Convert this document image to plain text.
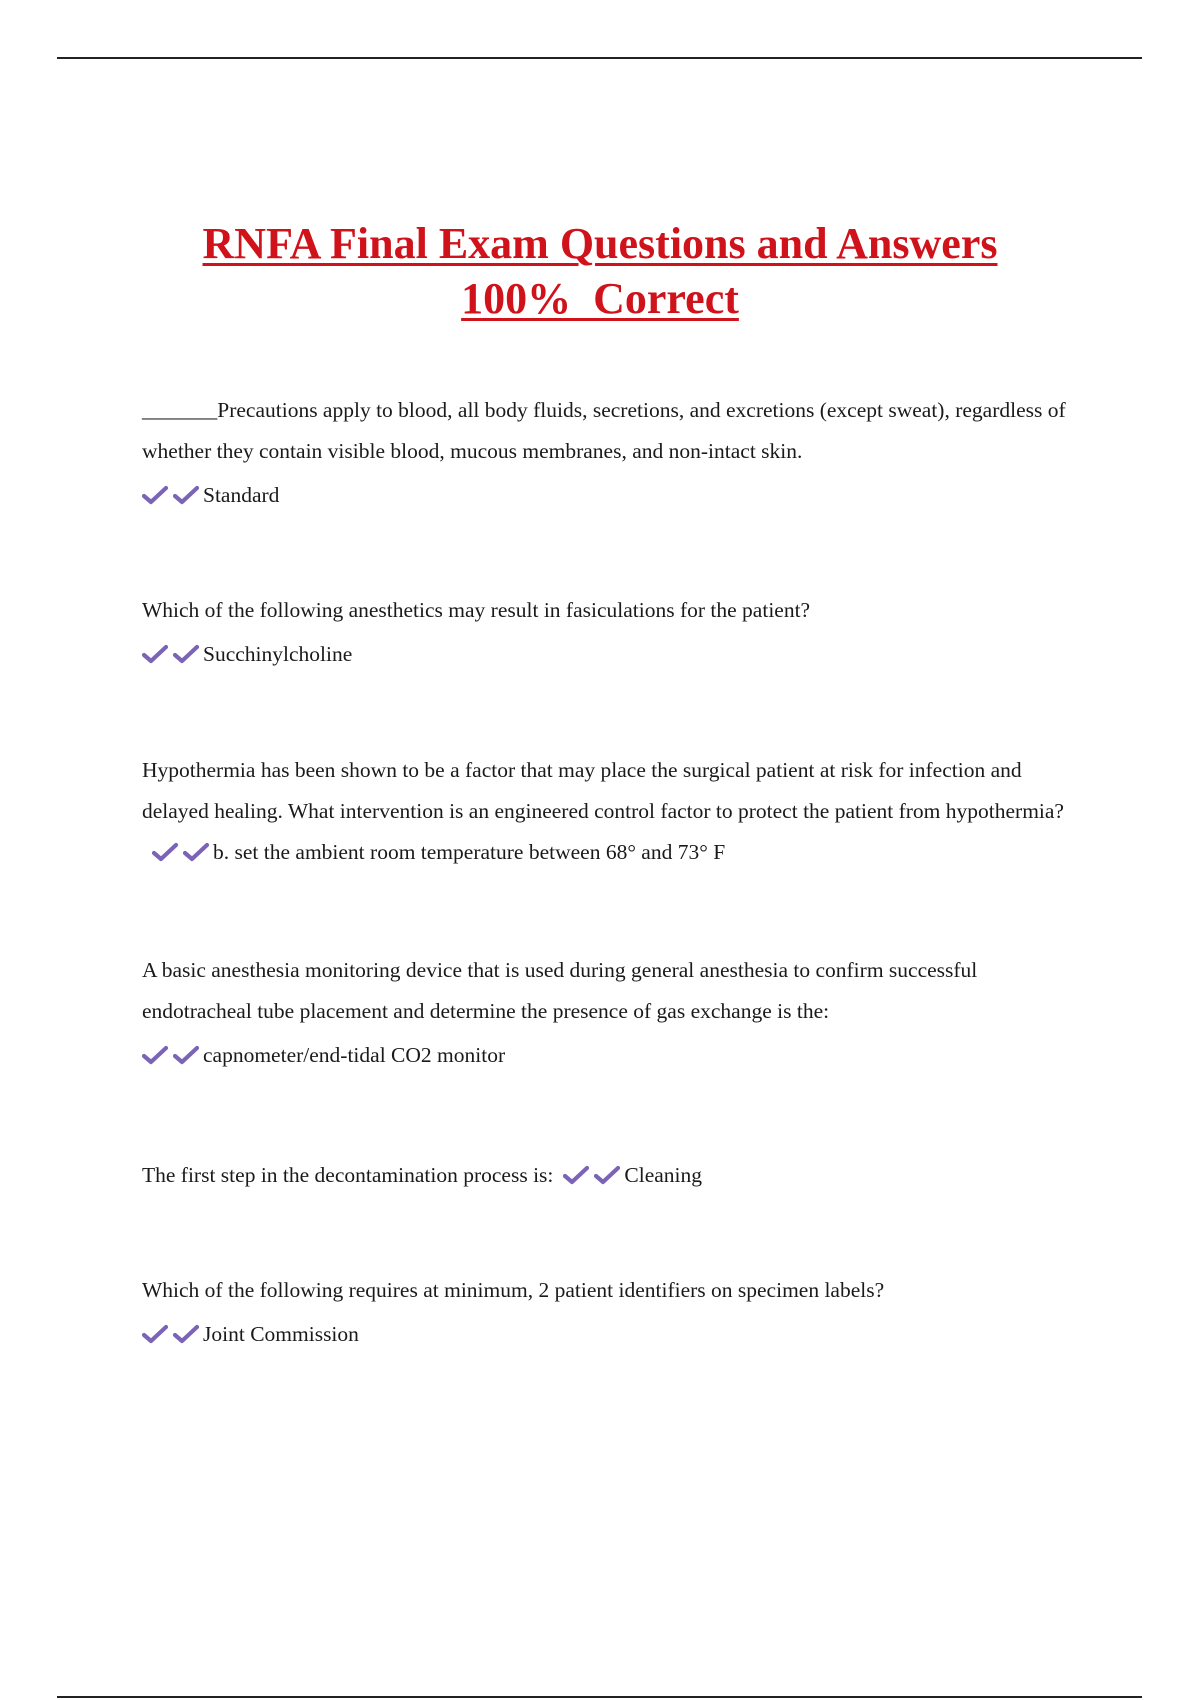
RNFA Final Exam Questions and Answers
100%  Correct
_______Precautions apply to blood, all body fluids, secretions, and excretions (except sweat), regardless of whether they contain visible blood, mucous membranes, and non-intact skin.
Standard
Which of the following anesthetics may result in fasiculations for the patient?
Succhinylcholine
Hypothermia has been shown to be a factor that may place the surgical patient at risk for infection and delayed healing. What intervention is an engineered control factor to protect the patient from hypothermia?
b. set the ambient room temperature between 68° and 73° F
A basic anesthesia monitoring device that is used during general anesthesia to confirm successful endotracheal tube placement and determine the presence of gas exchange is the:
capnometer/end-tidal CO2 monitor
The first step in the decontamination process is:	Cleaning
Which of the following requires at minimum, 2 patient identifiers on specimen labels?
Joint Commission
